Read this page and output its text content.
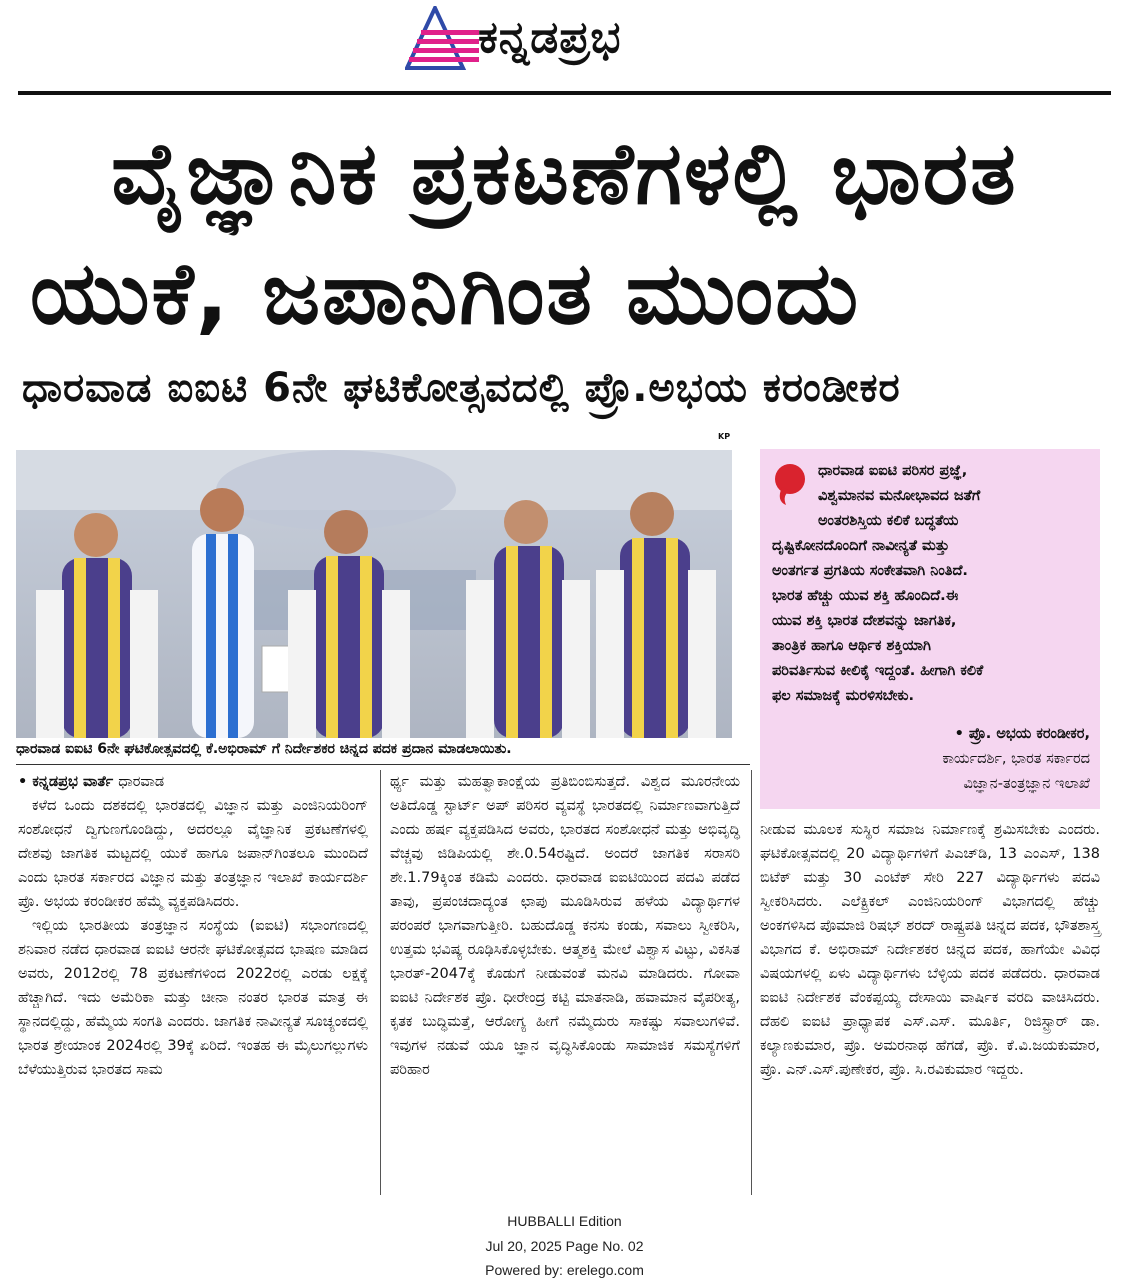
ಕನ್ನಡಪ್ರಭ
ವೈಜ್ಞಾನಿಕ ಪ್ರಕಟಣೆಗಳಲ್ಲಿ ಭಾರತ
ಯುಕೆ, ಜಪಾನಿಗಿಂತ ಮುಂದು
ಧಾರವಾಡ ಐಐಟಿ 6ನೇ ಘಟಿಕೋತ್ಸವದಲ್ಲಿ ಪ್ರೊ.ಅಭಯ ಕರಂಡೀಕರ
KP
ಧಾರವಾಡ ಐಐಟಿ 6ನೇ ಘಟಿಕೋತ್ಸವದಲ್ಲಿ ಕೆ.ಅಭಿರಾಮ್ ಗೆ ನಿರ್ದೇಶಕರ ಚಿನ್ನದ ಪದಕ ಪ್ರದಾನ ಮಾಡಲಾಯಿತು.

ಧಾರವಾಡ ಐಐಟಿ ಪರಿಸರ ಪ್ರಜ್ಞೆ,

ವಿಶ್ವಮಾನವ ಮನೋಭಾವದ ಜತೆಗೆ

ಅಂತರಶಿಸ್ತಿಯ ಕಲಿಕೆ ಬದ್ಧತೆಯ

ದೃಷ್ಟಿಕೋನದೊಂದಿಗೆ ನಾವೀನ್ಯತೆ ಮತ್ತು

ಅಂತರ್ಗತ ಪ್ರಗತಿಯ ಸಂಕೇತವಾಗಿ ನಿಂತಿದೆ.

ಭಾರತ ಹೆಚ್ಚು ಯುವ ಶಕ್ತಿ ಹೊಂದಿದೆ.ಈ

ಯುವ ಶಕ್ತಿ ಭಾರತ ದೇಶವನ್ನು ಜಾಗತಿಕ,

ತಾಂತ್ರಿಕ ಹಾಗೂ ಆರ್ಥಿಕ ಶಕ್ತಿಯಾಗಿ

ಪರಿವರ್ತಿಸುವ ಕೀಲಿಕೈ ಇದ್ದಂತೆ. ಹೀಗಾಗಿ ಕಲಿಕೆ

ಫಲ ಸಮಾಜಕ್ಕೆ ಮರಳಿಸಬೇಕು.

• ಪ್ರೊ. ಅಭಯ ಕರಂಡೀಕರ,
ಕಾರ್ಯದರ್ಶಿ, ಭಾರತ ಸರ್ಕಾರದ
ವಿಜ್ಞಾನ-ತಂತ್ರಜ್ಞಾನ ಇಲಾಖೆ

• ಕನ್ನಡಪ್ರಭ ವಾರ್ತೆ ಧಾರವಾಡ

ಕಳೆದ ಒಂದು ದಶಕದಲ್ಲಿ ಭಾರತದಲ್ಲಿ ವಿಜ್ಞಾನ ಮತ್ತು ಎಂಜಿನಿಯರಿಂಗ್ ಸಂಶೋಧನೆ ದ್ವಿಗುಣಗೊಂಡಿದ್ದು, ಅದರಲ್ಲೂ ವೈಜ್ಞಾನಿಕ ಪ್ರಕಟಣೆಗಳಲ್ಲಿ ದೇಶವು ಜಾಗತಿಕ ಮಟ್ಟದಲ್ಲಿ ಯುಕೆ ಹಾಗೂ ಜಪಾನ್‌ಗಿಂತಲೂ ಮುಂದಿದೆ ಎಂದು ಭಾರತ ಸರ್ಕಾರದ ವಿಜ್ಞಾನ ಮತ್ತು ತಂತ್ರಜ್ಞಾನ ಇಲಾಖೆ ಕಾರ್ಯದರ್ಶಿ ಪ್ರೊ. ಅಭಯ ಕರಂಡೀಕರ ಹೆಮ್ಮೆ ವ್ಯಕ್ತಪಡಿಸಿದರು.

ಇಲ್ಲಿಯ ಭಾರತೀಯ ತಂತ್ರಜ್ಞಾನ ಸಂಸ್ಥೆಯ (ಐಐಟಿ) ಸಭಾಂಗಣದಲ್ಲಿ ಶನಿವಾರ ನಡೆದ ಧಾರವಾಡ ಐಐಟಿ ಆರನೇ ಘಟಿಕೋತ್ಸವದ ಭಾಷಣ ಮಾಡಿದ ಅವರು, 2012ರಲ್ಲಿ 78 ಪ್ರಕಟಣೆಗಳಿಂದ 2022ರಲ್ಲಿ ಎರಡು ಲಕ್ಷಕ್ಕೆ ಹೆಚ್ಚಾಗಿದೆ. ಇದು ಅಮೆರಿಕಾ ಮತ್ತು ಚೀನಾ ನಂತರ ಭಾರತ ಮಾತ್ರ ಈ ಸ್ಥಾನದಲ್ಲಿದ್ದು, ಹೆಮ್ಮೆಯ ಸಂಗತಿ ಎಂದರು. ಜಾಗತಿಕ ನಾವೀನ್ಯತೆ ಸೂಚ್ಯಂಕದಲ್ಲಿ ಭಾರತ ಶ್ರೇಯಾಂಕ 2024ರಲ್ಲಿ 39ಕ್ಕೆ ಏರಿದೆ. ಇಂತಹ ಈ ಮೈಲುಗಲ್ಲುಗಳು ಬೆಳೆಯುತ್ತಿರುವ ಭಾರತದ ಸಾಮ

ರ್ಥ್ಯ ಮತ್ತು ಮಹತ್ವಾಕಾಂಕ್ಷೆಯ ಪ್ರತಿಬಿಂಬಿಸುತ್ತದೆ. ವಿಶ್ವದ ಮೂರನೇಯ ಅತಿದೊಡ್ಡ ಸ್ಟಾರ್ಟ್ ಅಪ್ ಪರಿಸರ ವ್ಯವಸ್ಥೆ ಭಾರತದಲ್ಲಿ ನಿರ್ಮಾಣವಾಗುತ್ತಿದೆ ಎಂದು ಹರ್ಷ ವ್ಯಕ್ತಪಡಿಸಿದ ಅವರು, ಭಾರತದ ಸಂಶೋಧನೆ ಮತ್ತು ಅಭಿವೃದ್ಧಿ ವೆಚ್ಚವು ಜಿಡಿಪಿಯಲ್ಲಿ ಶೇ.0.54ರಷ್ಟಿದೆ. ಅಂದರೆ ಜಾಗತಿಕ ಸರಾಸರಿ ಶೇ.1.79ಕ್ಕಿಂತ ಕಡಿಮೆ ಎಂದರು. ಧಾರವಾಡ ಐಐಟಿಯಿಂದ ಪದವಿ ಪಡೆದ ತಾವು, ಪ್ರಪಂಚದಾದ್ಯಂತ ಛಾಪು ಮೂಡಿಸಿರುವ ಹಳೆಯ ವಿದ್ಯಾರ್ಥಿಗಳ ಪರಂಪರೆ ಭಾಗವಾಗುತ್ತೀರಿ. ಬಹುದೊಡ್ಡ ಕನಸು ಕಂಡು, ಸವಾಲು ಸ್ವೀಕರಿಸಿ, ಉತ್ತಮ ಭವಿಷ್ಯ ರೂಢಿಸಿಕೊಳ್ಳಬೇಕು. ಆತ್ಮಶಕ್ತಿ ಮೇಲೆ ವಿಶ್ವಾಸ ವಿಟ್ಟು, ವಿಕಸಿತ ಭಾರತ್-2047ಕ್ಕೆ ಕೊಡುಗೆ ನೀಡುವಂತೆ ಮನವಿ ಮಾಡಿದರು. ಗೋವಾ ಐಐಟಿ ನಿರ್ದೇಶಕ ಪ್ರೊ. ಧೀರೇಂದ್ರ ಕಟ್ಟಿ ಮಾತನಾಡಿ, ಹವಾಮಾನ ವೈಪರೀತ್ಯ, ಕೃತಕ ಬುದ್ಧಿಮತ್ತೆ, ಆರೋಗ್ಯ ಹೀಗೆ ನಮ್ಮೆದುರು ಸಾಕಷ್ಟು ಸವಾಲುಗಳಿವೆ. ಇವುಗಳ ನಡುವೆ ಯೂ ಜ್ಞಾನ ವೃದ್ಧಿಸಿಕೊಂಡು ಸಾಮಾಜಿಕ ಸಮಸ್ಯೆಗಳಿಗೆ ಪರಿಹಾರ

ನೀಡುವ ಮೂಲಕ ಸುಸ್ಥಿರ ಸಮಾಜ ನಿರ್ಮಾಣಕ್ಕೆ ಶ್ರಮಿಸಬೇಕು ಎಂದರು. ಘಟಿಕೋತ್ಸವದಲ್ಲಿ 20 ವಿದ್ಯಾರ್ಥಿಗಳಿಗೆ ಪಿಎಚ್‌ಡಿ, 13 ಎಂಎಸ್, 138 ಬಿಟೆಕ್ ಮತ್ತು 30 ಎಂಟೆಕ್ ಸೇರಿ 227 ವಿದ್ಯಾರ್ಥಿಗಳು ಪದವಿ ಸ್ವೀಕರಿಸಿದರು. ಎಲೆಕ್ಟ್ರಿಕಲ್ ಎಂಜಿನಿಯರಿಂಗ್ ವಿಭಾಗದಲ್ಲಿ ಹೆಚ್ಚು ಅಂಕಗಳಿಸಿದ ಪೊಮಾಜಿ ರಿಷಭ್ ಶರದ್ ರಾಷ್ಟ್ರಪತಿ ಚಿನ್ನದ ಪದಕ, ಭೌತಶಾಸ್ತ್ರ ವಿಭಾಗದ ಕೆ. ಅಭಿರಾಮ್ ನಿರ್ದೇಶಕರ ಚಿನ್ನದ ಪದಕ, ಹಾಗೆಯೇ ವಿವಿಧ ವಿಷಯಗಳಲ್ಲಿ ಏಳು ವಿದ್ಯಾರ್ಥಿಗಳು ಬೆಳ್ಳಿಯ ಪದಕ ಪಡೆದರು. ಧಾರವಾಡ ಐಐಟಿ ನಿರ್ದೇಶಕ ವೆಂಕಪ್ಪಯ್ಯ ದೇಸಾಯಿ ವಾರ್ಷಿಕ ವರದಿ ವಾಚಿಸಿದರು. ದೆಹಲಿ ಐಐಟಿ ಪ್ರಾಧ್ಯಾಪಕ ಎಸ್.ಎಸ್. ಮೂರ್ತಿ, ರಿಜಿಸ್ಟ್ರಾರ್ ಡಾ. ಕಲ್ಯಾಣಕುಮಾರ, ಪ್ರೊ. ಅಮರನಾಥ ಹೆಗಡೆ, ಪ್ರೊ. ಕೆ.ವಿ.ಜಯಕುಮಾರ, ಪ್ರೊ. ಎನ್.ಎಸ್.ಪುಣೇಕರ, ಪ್ರೊ. ಸಿ.ರವಿಕುಮಾರ ಇದ್ದರು.

HUBBALLI Edition
Jul 20, 2025 Page No. 02
Powered by: erelego.com
